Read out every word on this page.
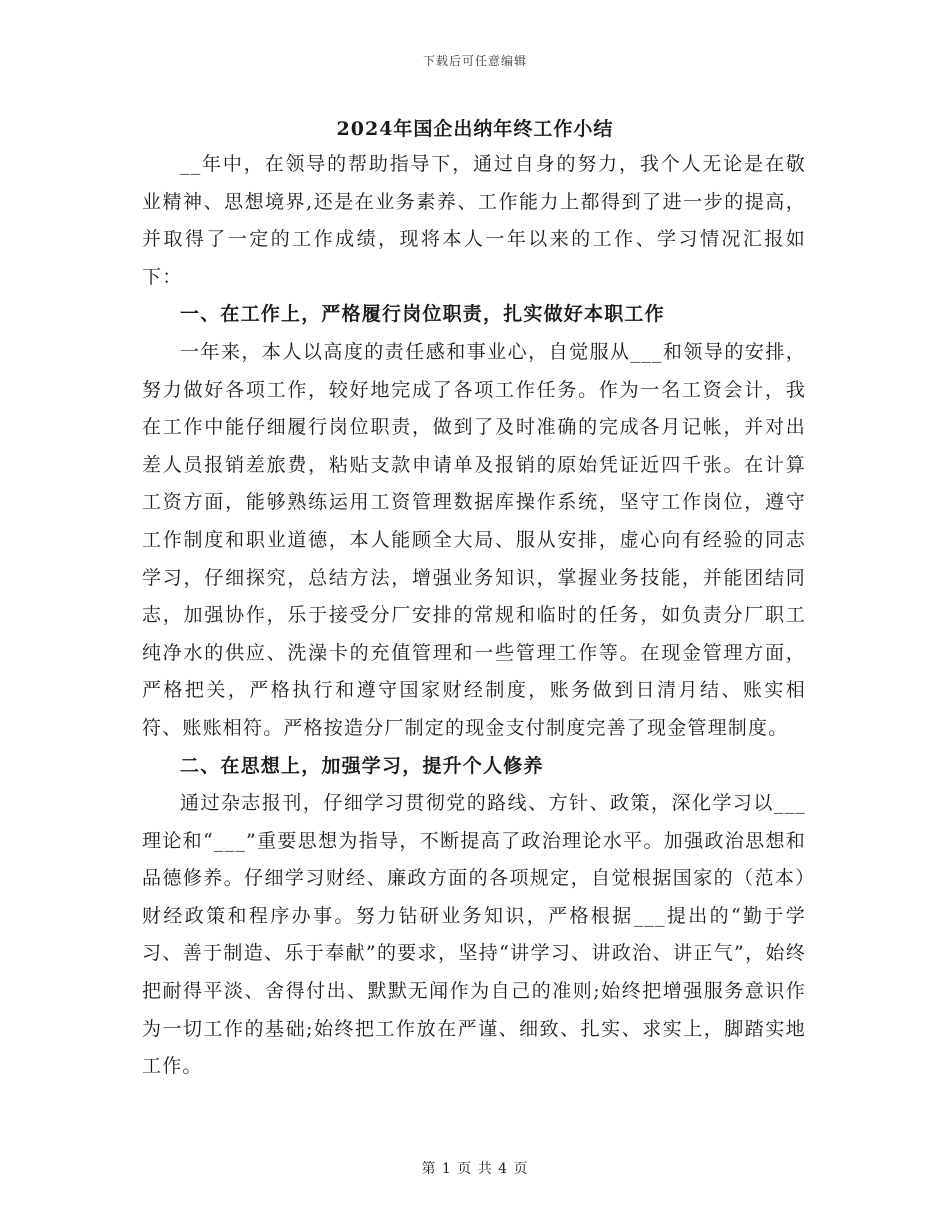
下载后可任意编辑
2024年国企出纳年终工作小结

__年中，在领导的帮助指导下，通过自身的努力，我个人无论是在敬业精神、思想境界,还是在业务素养、工作能力上都得到了进一步的提高，并取得了一定的工作成绩，现将本人一年以来的工作、学习情况汇报如下：

一、在工作上，严格履行岗位职责，扎实做好本职工作

一年来，本人以高度的责任感和事业心，自觉服从___和领导的安排，努力做好各项工作，较好地完成了各项工作任务。作为一名工资会计，我在工作中能仔细履行岗位职责，做到了及时准确的完成各月记帐，并对出差人员报销差旅费，粘贴支款申请单及报销的原始凭证近四千张。在计算工资方面，能够熟练运用工资管理数据库操作系统，坚守工作岗位，遵守工作制度和职业道德，本人能顾全大局、服从安排，虚心向有经验的同志学习，仔细探究，总结方法，增强业务知识，掌握业务技能，并能团结同志，加强协作，乐于接受分厂安排的常规和临时的任务，如负责分厂职工纯净水的供应、洗澡卡的充值管理和一些管理工作等。在现金管理方面，严格把关，严格执行和遵守国家财经制度，账务做到日清月结、账实相符、账账相符。严格按造分厂制定的现金支付制度完善了现金管理制度。

二、在思想上，加强学习，提升个人修养

通过杂志报刊，仔细学习贯彻党的路线、方针、政策，深化学习以___理论和“___”重要思想为指导，不断提高了政治理论水平。加强政治思想和品德修养。仔细学习财经、廉政方面的各项规定，自觉根据国家的（范本）财经政策和程序办事。努力钻研业务知识，严格根据___提出的“勤于学习、善于制造、乐于奉献”的要求，坚持“讲学习、讲政治、讲正气”，始终把耐得平淡、舍得付出、默默无闻作为自己的准则;始终把增强服务意识作为一切工作的基础;始终把工作放在严谨、细致、扎实、求实上，脚踏实地工作。

第 1 页 共 4 页
